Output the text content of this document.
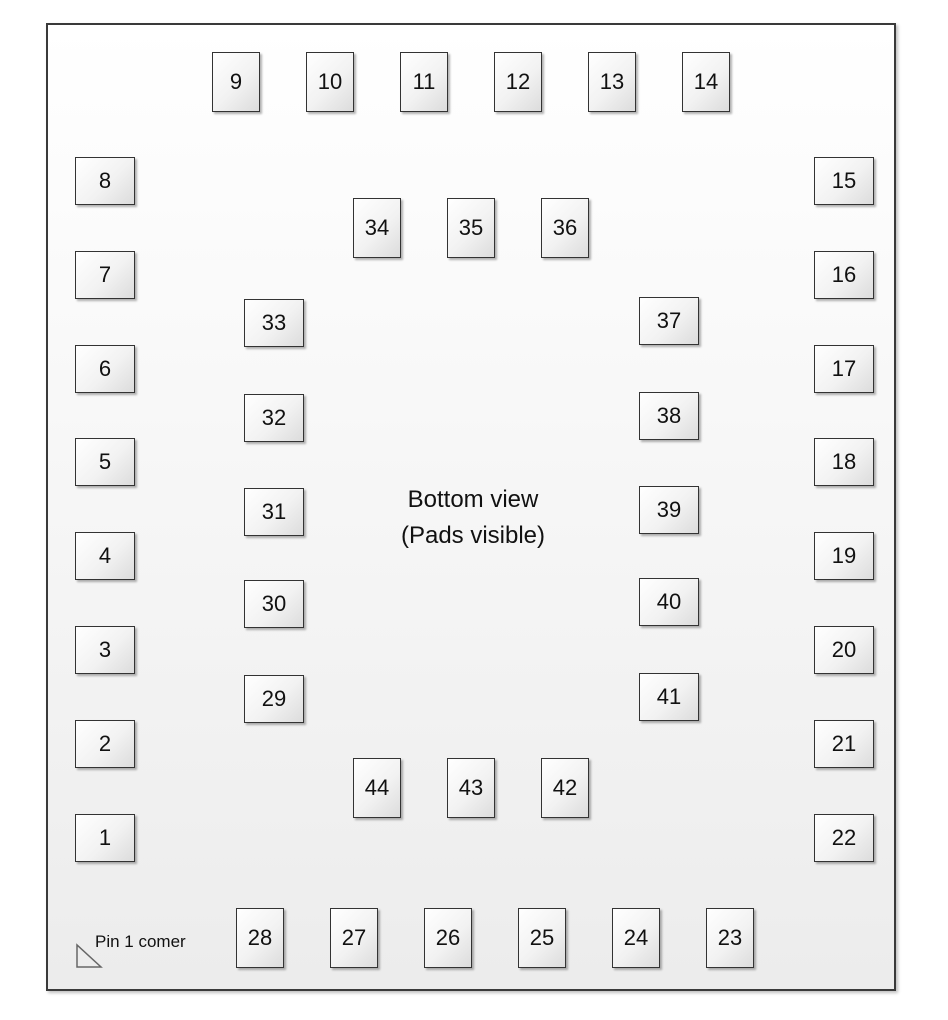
1
2
3
4
5
6
7
8
9	10	11	12	13	14
15
16
17
18
19
20
21
22
23
24
25
26
27
28
29
30
31
32
33
34	35	36
37
38
39
40
41
42
43
44
Bottom view
(Pads visible)
Pin 1 comer
